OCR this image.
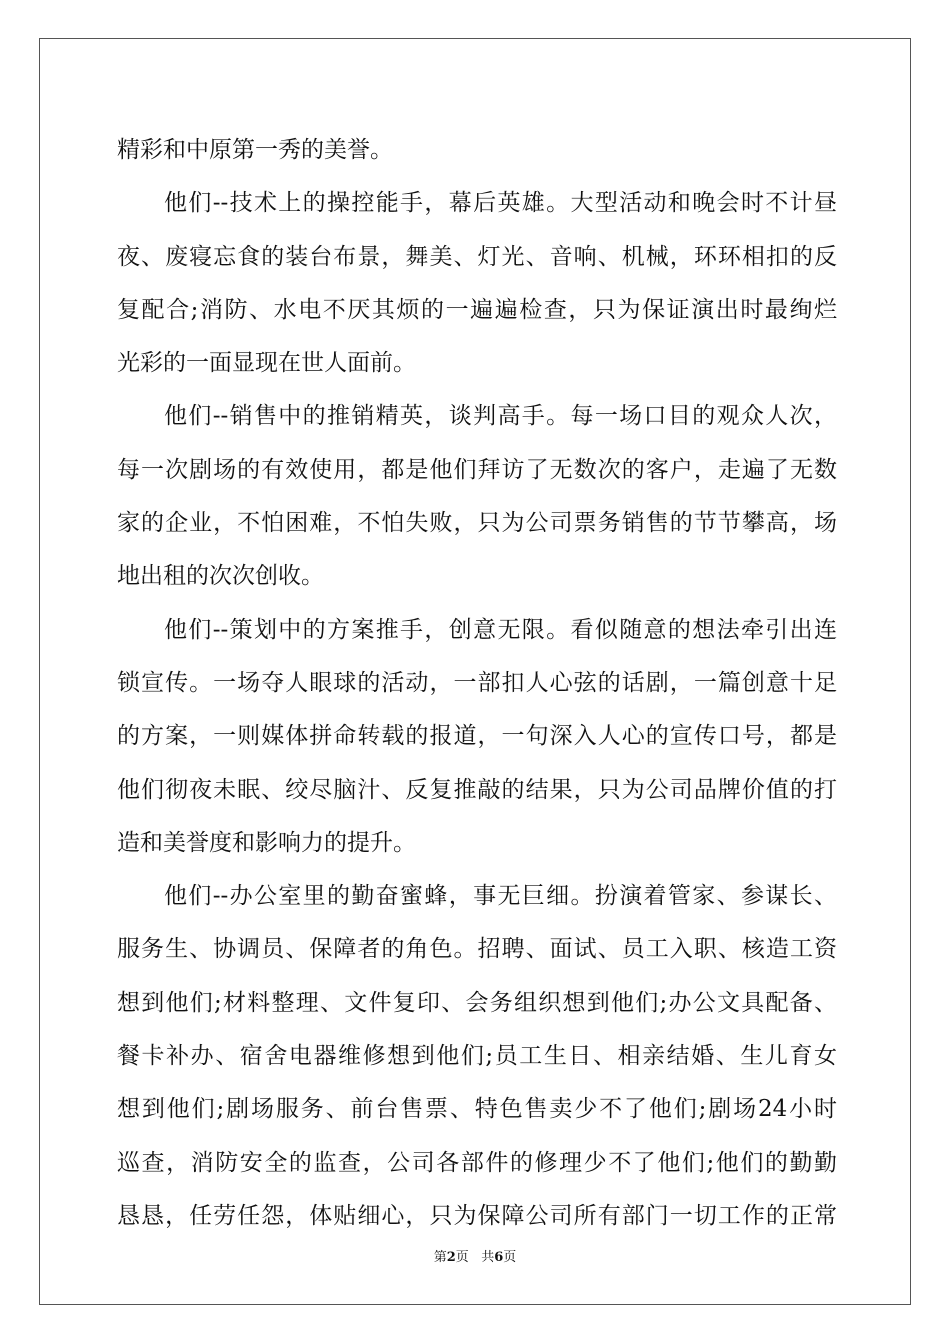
精彩和中原第一秀的美誉。
他们--技术上的操控能手，幕后英雄。大型活动和晚会时不计昼
夜、废寝忘食的装台布景，舞美、灯光、音响、机械，环环相扣的反
复配合;消防、水电不厌其烦的一遍遍检查，只为保证演出时最绚烂
光彩的一面显现在世人面前。
他们--销售中的推销精英，谈判高手。每一场口目的观众人次，
每一次剧场的有效使用，都是他们拜访了无数次的客户，走遍了无数
家的企业，不怕困难，不怕失败，只为公司票务销售的节节攀高，场
地出租的次次创收。
他们--策划中的方案推手，创意无限。看似随意的想法牵引出连
锁宣传。一场夺人眼球的活动，一部扣人心弦的话剧，一篇创意十足
的方案，一则媒体拼命转载的报道，一句深入人心的宣传口号，都是
他们彻夜未眠、绞尽脑汁、反复推敲的结果，只为公司品牌价值的打
造和美誉度和影响力的提升。
他们--办公室里的勤奋蜜蜂，事无巨细。扮演着管家、参谋长、
服务生、协调员、保障者的角色。招聘、面试、员工入职、核造工资
想到他们;材料整理、文件复印、会务组织想到他们;办公文具配备、
餐卡补办、宿舍电器维修想到他们;员工生日、相亲结婚、生儿育女
想到他们;剧场服务、前台售票、特色售卖少不了他们;剧场24小时
巡查，消防安全的监查，公司各部件的修理少不了他们;他们的勤勤
恳恳，任劳任怨，体贴细心，只为保障公司所有部门一切工作的正常
第2页 共6页
